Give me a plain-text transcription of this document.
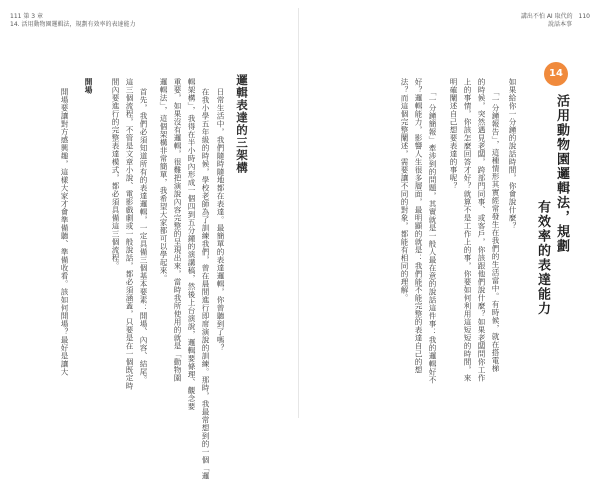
111 第 3 章
14. 活用動物園邏輯法，規劃有效率的表達能力
講出不怕 AI 取代的 110
說話本事
14
活用動物園邏輯法，規劃
有效率的表達能力
如果給你一分鐘的說話時間，你會說什麼？
「一分鐘報告」，這種情形其實經常發生在我們的生活當中。有時候，就在搭電梯
的時候，突然遇見老闆，跨部門同事、或客戶，你該跟他們說什麼？如果老闆問你工作
上的事情，你該怎麼回答才好？就算不是工作上的事，你要如何利用這短短的時間，來
明確闡述自己想要表達的事呢？
「一分鐘簡報」牽涉到的問題，其實就是一般人最在意的說話這件事：我的邏輯好不
好？邏輯能力，影響人生很多層面，最明顯的就是：我們能不能完整的表達自己的想
法？而這個完整闡述，需要讓不同的對象，都能有相同的理解。
邏輯表達的三架構
日常生活中，我們隨時隨地都在表達。最簡單的表達邏輯，你曾聽到了嗎？
在我小學五年級的時候，學校老師為了訓練我們，曾在晨間進行即席演說的訓練。那時，我最常想到的一個「邏
輯架構」，我得在半小時內形成一個四到五分鐘的演講稿，然後上台演說，邏輯要條理、觀念要
重要，如果沒有邏輯，很難把演說內容完整的呈現出來，當時我所使用的就是「動物園
邏輯法」，這個架構非常簡單，我希望大家都可以學起來。
首先，我們必須知道所有的表達邏輯，一定具備三個基本要素：開場、內容、結尾。
這三個流程，不管是文章小說、電影戲劇或一般說話，都必須涵蓋，只要是在一個既定時
間內要進行的完整表達模式，都必須具備這三個流程。
開場
開場要讓對方感興趣，這樣大家才會準備聽、準備收看。該如何開場？最好是讓大
